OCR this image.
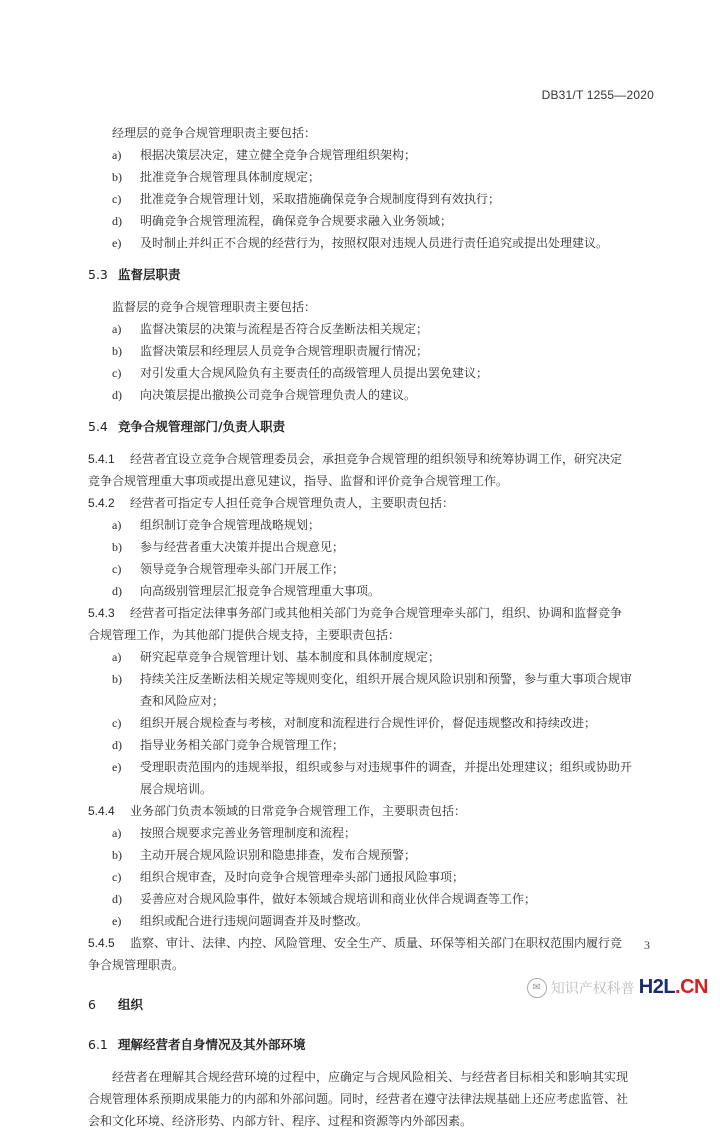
DB31/T 1255—2020

经理层的竞争合规管理职责主要包括：

a)	根据决策层决定，建立健全竞争合规管理组织架构；
b)	批准竞争合规管理具体制度规定；
c)	批准竞争合规管理计划，采取措施确保竞争合规制度得到有效执行；
d)	明确竞争合规管理流程，确保竞争合规要求融入业务领域；
e)	及时制止并纠正不合规的经营行为，按照权限对违规人员进行责任追究或提出处理建议。
5.3 监督层职责

监督层的竞争合规管理职责主要包括：

a)	监督决策层的决策与流程是否符合反垄断法相关规定；
b)	监督决策层和经理层人员竞争合规管理职责履行情况；
c)	对引发重大合规风险负有主要责任的高级管理人员提出罢免建议；
d)	向决策层提出撤换公司竞争合规管理负责人的建议。
5.4 竞争合规管理部门/负责人职责
5.4.1 经营者宜设立竞争合规管理委员会，承担竞争合规管理的组织领导和统筹协调工作，研究决定
竞争合规管理重大事项或提出意见建议，指导、监督和评价竞争合规管理工作。
5.4.2 经营者可指定专人担任竞争合规管理负责人，主要职责包括：
a)	组织制订竞争合规管理战略规划；
b)	参与经营者重大决策并提出合规意见；
c)	领导竞争合规管理牵头部门开展工作；
d)	向高级别管理层汇报竞争合规管理重大事项。
5.4.3 经营者可指定法律事务部门或其他相关部门为竞争合规管理牵头部门，组织、协调和监督竞争
合规管理工作，为其他部门提供合规支持，主要职责包括：
a)	研究起草竞争合规管理计划、基本制度和具体制度规定；
b)	持续关注反垄断法相关规定等规则变化，组织开展合规风险识别和预警，参与重大事项合规审
查和风险应对；
c)	组织开展合规检查与考核，对制度和流程进行合规性评价，督促违规整改和持续改进；
d)	指导业务相关部门竞争合规管理工作；
e)	受理职责范围内的违规举报，组织或参与对违规事件的调查，并提出处理建议；组织或协助开
展合规培训。
5.4.4 业务部门负责本领域的日常竞争合规管理工作，主要职责包括：
a)	按照合规要求完善业务管理制度和流程；
b)	主动开展合规风险识别和隐患排查，发布合规预警；
c)	组织合规审查，及时向竞争合规管理牵头部门通报风险事项；
d)	妥善应对合规风险事件，做好本领域合规培训和商业伙伴合规调查等工作；
e)	组织或配合进行违规问题调查并及时整改。
5.4.5 监察、审计、法律、内控、风险管理、安全生产、质量、环保等相关部门在职权范围内履行竞
争合规管理职责。
6	组织
6.1 理解经营者自身情况及其外部环境

经营者在理解其合规经营环境的过程中，应确定与合规风险相关、与经营者目标相关和影响其实现

合规管理体系预期成果能力的内部和外部问题。同时，经营者在遵守法律法规基础上还应考虑监管、社

会和文化环境、经济形势、内部方针、程序、过程和资源等内外部因素。

3
✉ 知识产权科普 H2L.CN
